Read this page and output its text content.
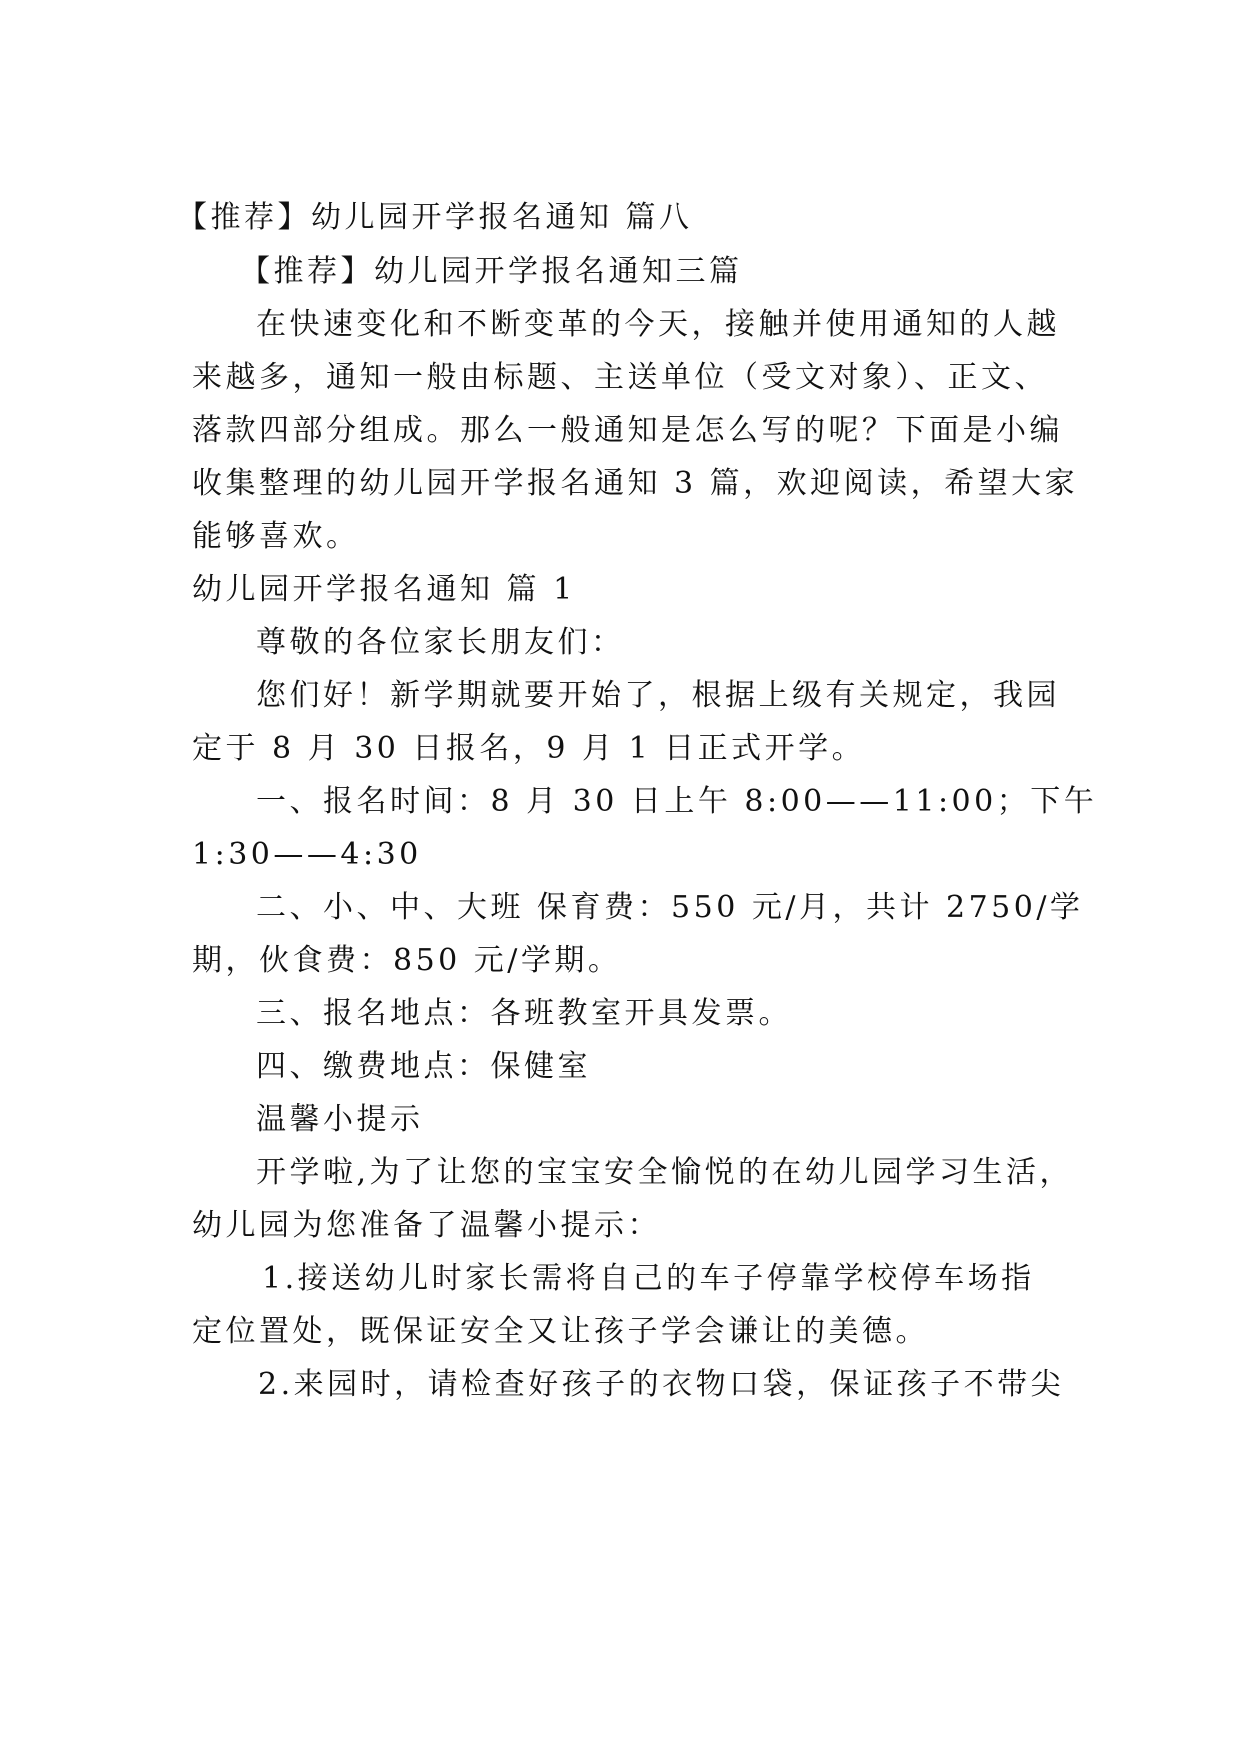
【推荐】幼儿园开学报名通知 篇八
【推荐】幼儿园开学报名通知三篇
在快速变化和不断变革的今天，接触并使用通知的人越
来越多，通知一般由标题、主送单位（受文对象）、正文、
落款四部分组成。那么一般通知是怎么写的呢？下面是小编
收集整理的幼儿园开学报名通知 3 篇，欢迎阅读，希望大家
能够喜欢。
幼儿园开学报名通知 篇 1
尊敬的各位家长朋友们：
您们好！新学期就要开始了，根据上级有关规定，我园
定于 8 月 30 日报名，9 月 1 日正式开学。
一、报名时间：8 月 30 日上午 8:00——11:00；下午
1:30——4:30
二、小、中、大班 保育费：550 元/月，共计 2750/学
期，伙食费：850 元/学期。
三、报名地点：各班教室开具发票。
四、缴费地点：保健室
温馨小提示
开学啦,为了让您的宝宝安全愉悦的在幼儿园学习生活，
幼儿园为您准备了温馨小提示：
1.接送幼儿时家长需将自己的车子停靠学校停车场指
定位置处，既保证安全又让孩子学会谦让的美德。
2.来园时，请检查好孩子的衣物口袋，保证孩子不带尖
